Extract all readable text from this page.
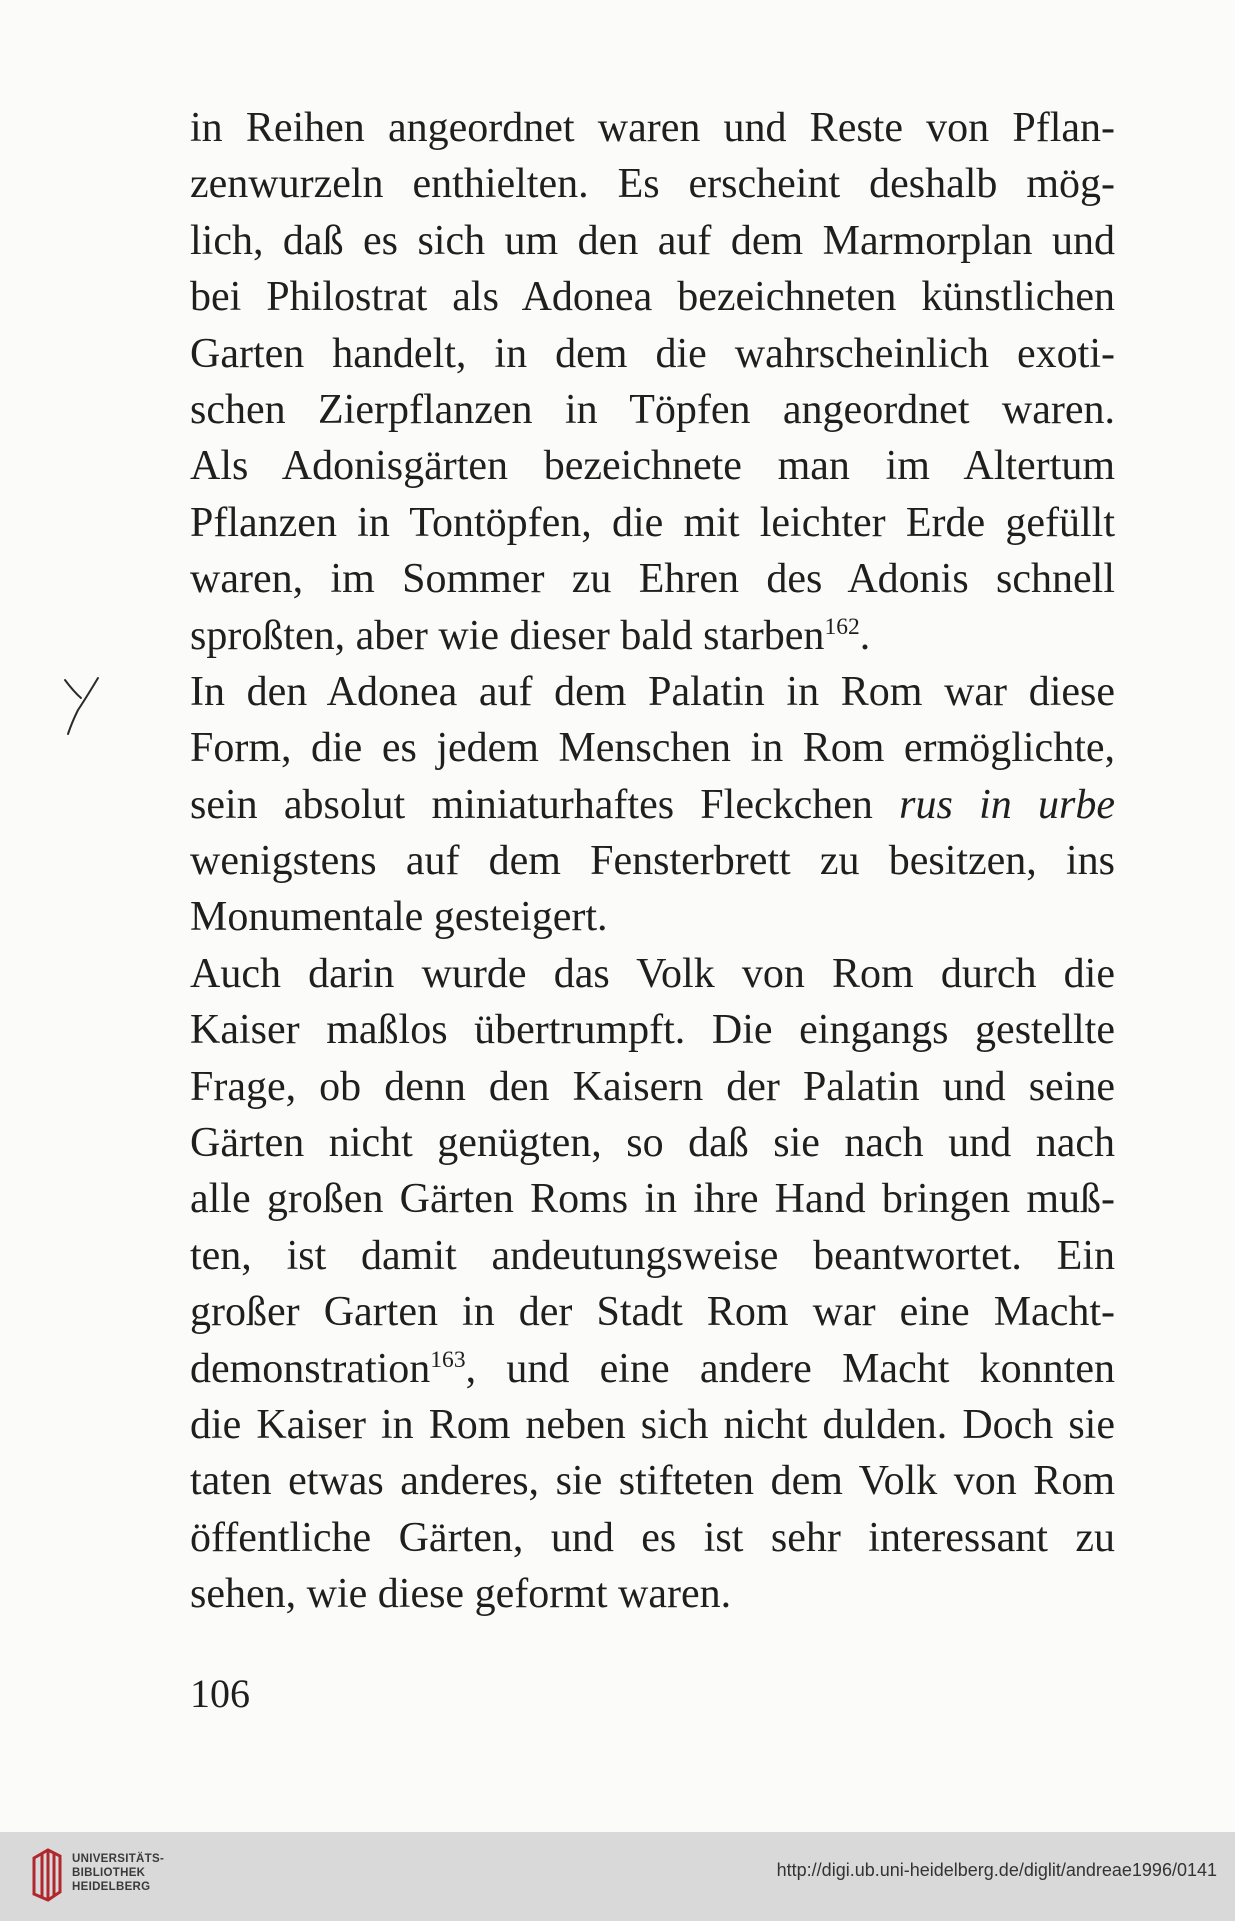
in Reihen angeordnet waren und Reste von Pflan-
zenwurzeln enthielten. Es erscheint deshalb mög-
lich, daß es sich um den auf dem Marmorplan und
bei Philostrat als Adonea bezeichneten künstlichen
Garten handelt, in dem die wahrscheinlich exoti-
schen Zierpflanzen in Töpfen angeordnet waren.
Als Adonisgärten bezeichnete man im Altertum
Pflanzen in Tontöpfen, die mit leichter Erde gefüllt
waren, im Sommer zu Ehren des Adonis schnell
sproßten, aber wie dieser bald starben$^{162}$.
In den Adonea auf dem Palatin in Rom war diese
Form, die es jedem Menschen in Rom ermöglichte,
sein absolut miniaturhaftes Fleckchen rus in urbe
wenigstens auf dem Fensterbrett zu besitzen, ins
Monumentale gesteigert.
Auch darin wurde das Volk von Rom durch die
Kaiser maßlos übertrumpft. Die eingangs gestellte
Frage, ob denn den Kaisern der Palatin und seine
Gärten nicht genügten, so daß sie nach und nach
alle großen Gärten Roms in ihre Hand bringen muß-
ten, ist damit andeutungsweise beantwortet. Ein
großer Garten in der Stadt Rom war eine Macht-
demonstration$^{163}$, und eine andere Macht konnten
die Kaiser in Rom neben sich nicht dulden. Doch sie
taten etwas anderes, sie stifteten dem Volk von Rom
öffentliche Gärten, und es ist sehr interessant zu
sehen, wie diese geformt waren.
106
UNIVERSITÄTS-
BIBLIOTHEK
HEIDELBERG
http://digi.ub.uni-heidelberg.de/diglit/andreae1996/0141
